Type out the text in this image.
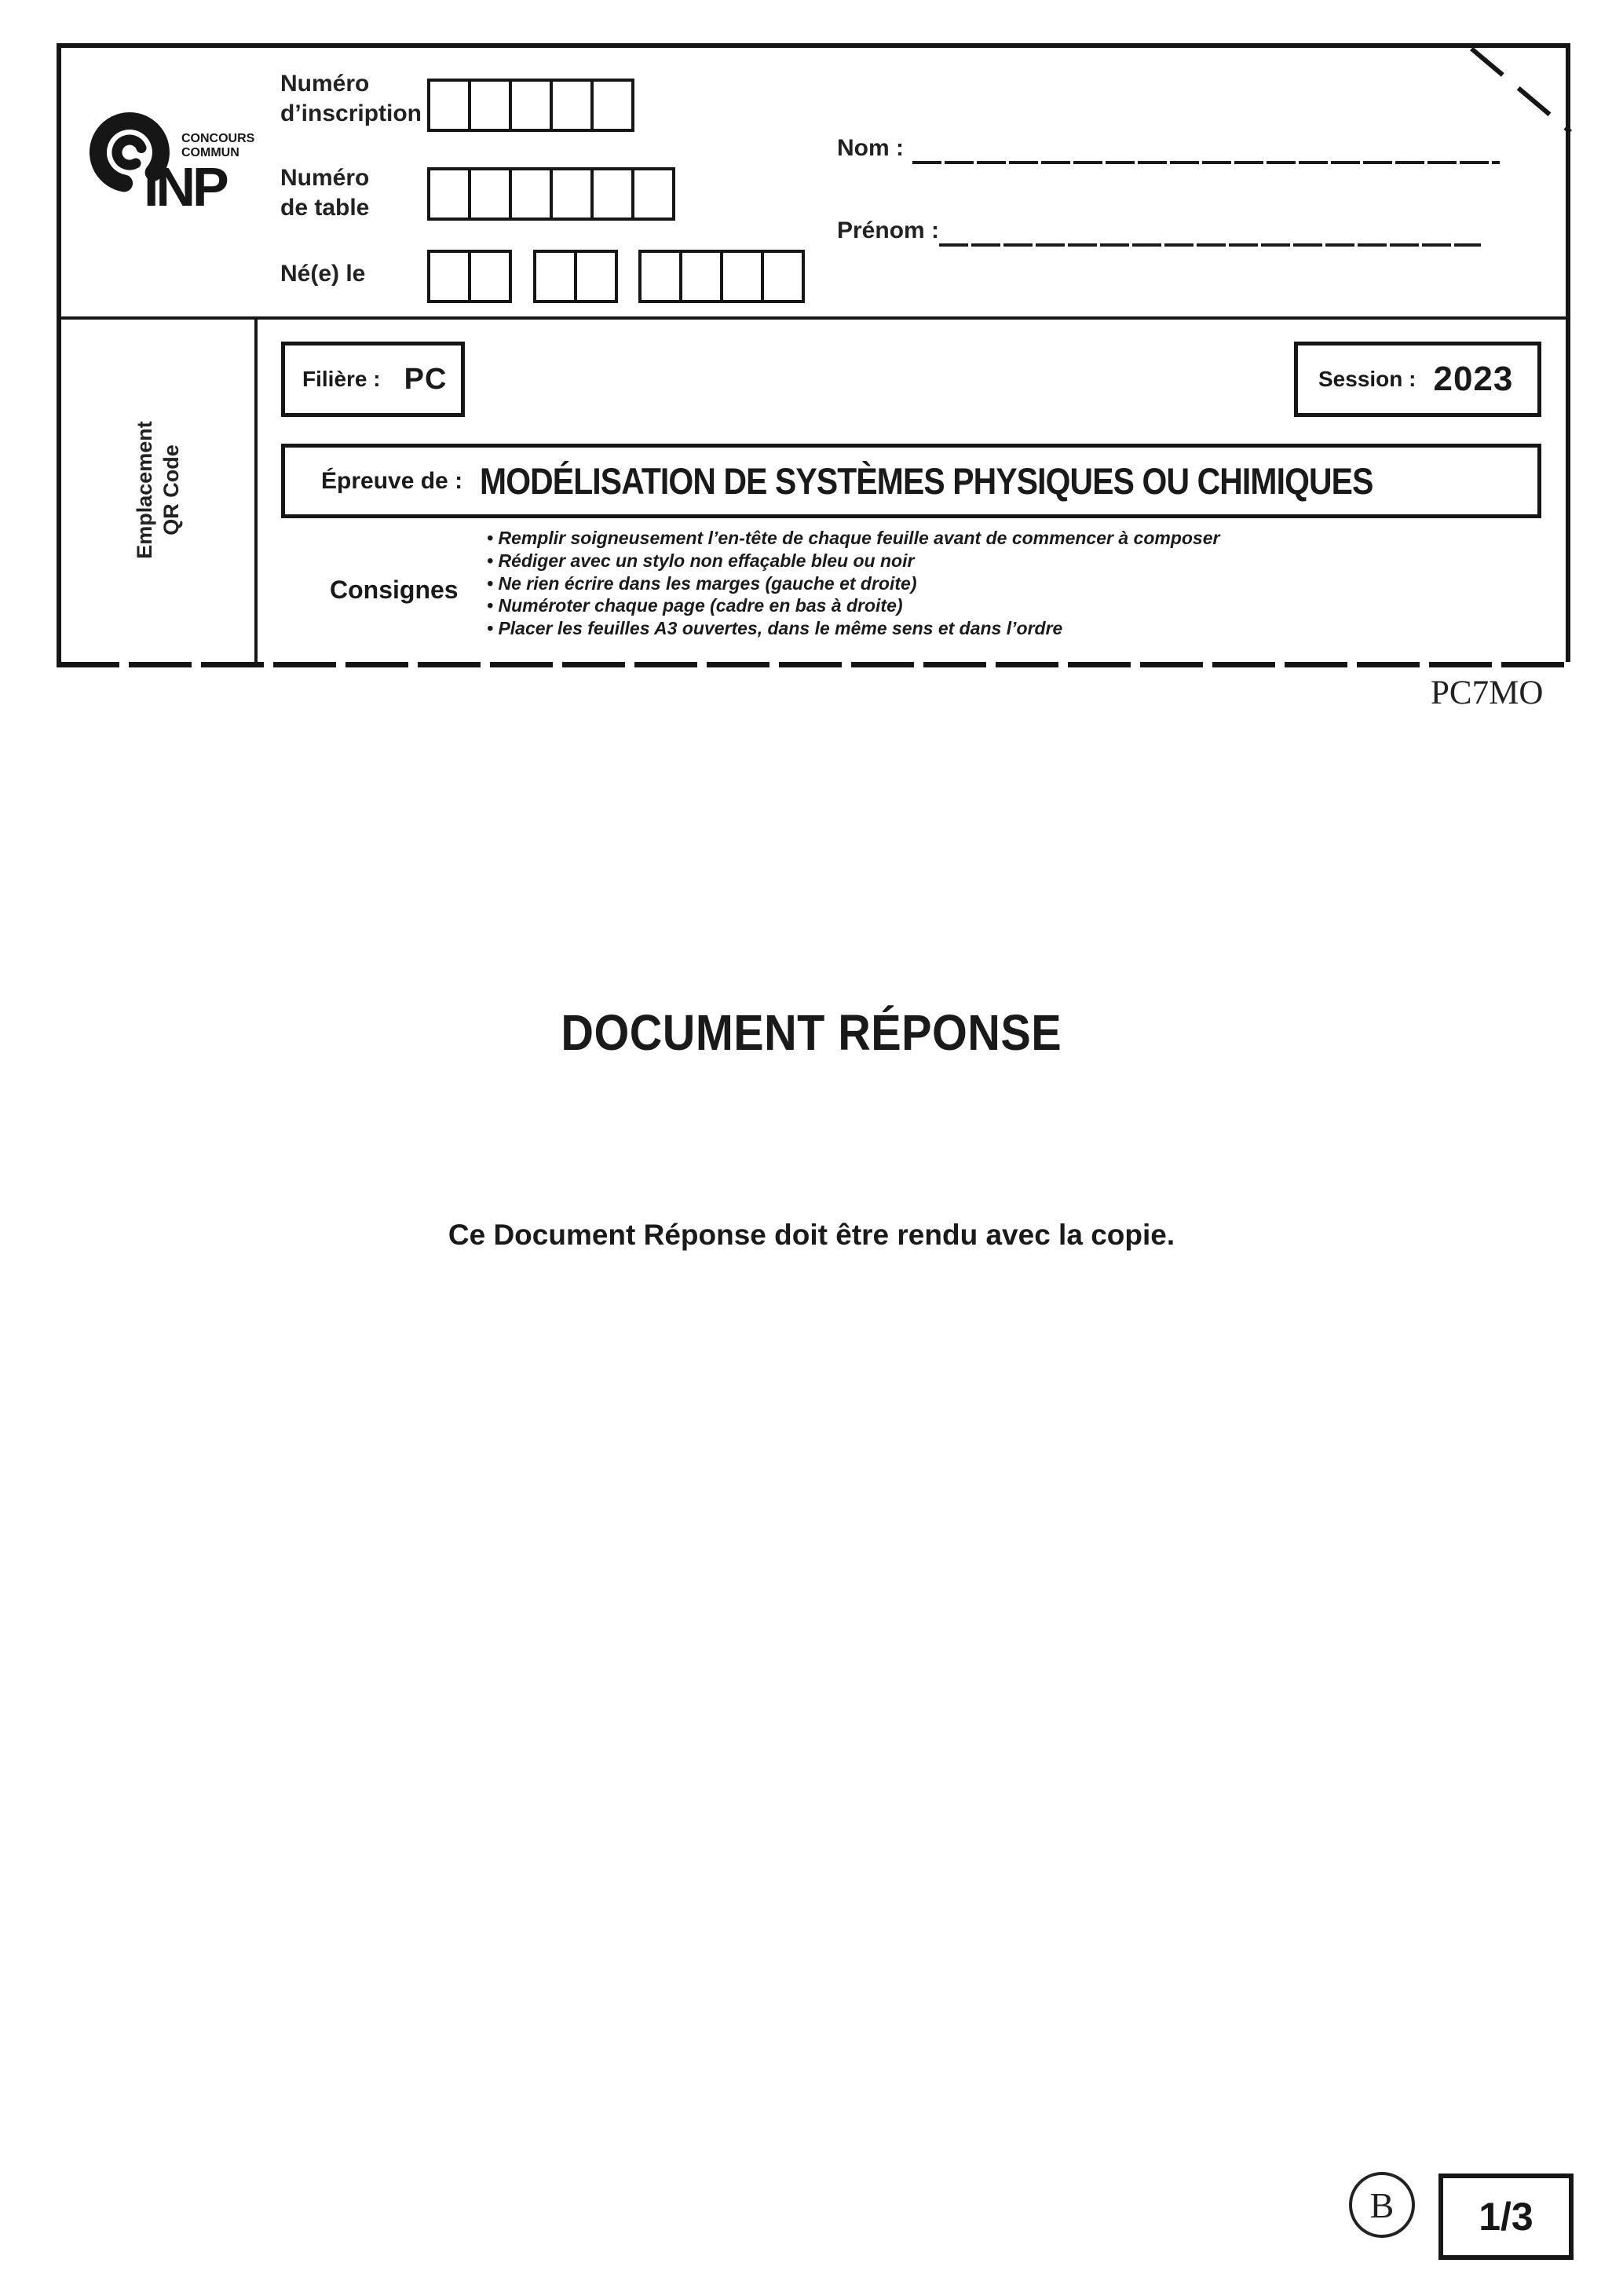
CONCOURS
COMMUN
INP
Numéro
d’inscription
Numéro
de table
Né(e) le
Nom :
Prénom :
Emplacement QR Code
Filière : PC	Session : 2023
Épreuve de : MODÉLISATION DE SYSTÈMES PHYSIQUES OU CHIMIQUES
Consignes
• Remplir soigneusement l’en-tête de chaque feuille avant de commencer à composer
• Rédiger avec un stylo non effaçable bleu ou noir
• Ne rien écrire dans les marges (gauche et droite)
• Numéroter chaque page (cadre en bas à droite)
• Placer les feuilles A3 ouvertes, dans le même sens et dans l’ordre
PC7MO
DOCUMENT RÉPONSE
Ce Document Réponse doit être rendu avec la copie.
B 1/3
